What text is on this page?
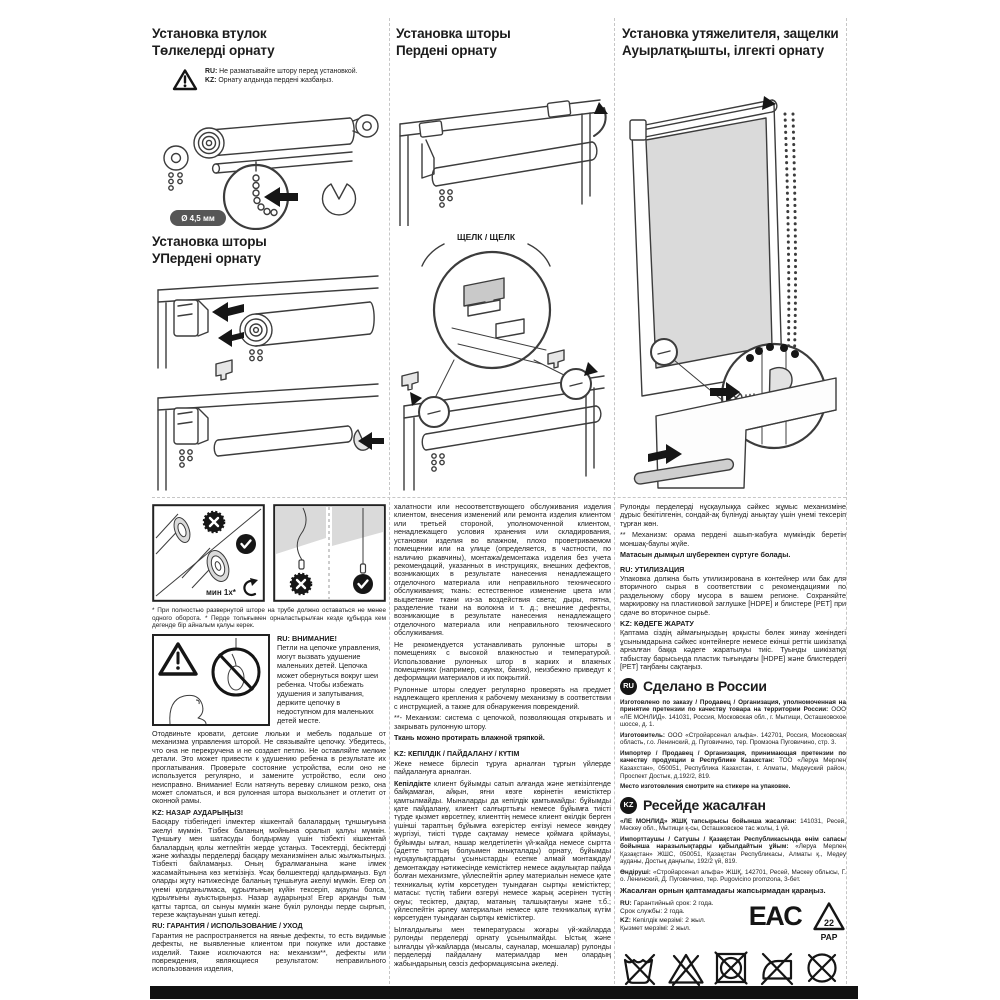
Установка втулок
Төлкелерді орнату
RU: Не разматывайте штору перед установкой.
KZ: Орнату алдында пердені жазбаңыз.
Ø 4,5 мм
Установка шторы
УПердені орнату
Установка шторы
Пердені орнату
ЩЕЛК / ЩЕЛК
Установка утяжелителя, защелки
Ауырлатқышты, ілгекті орнату
мин 1x*
* При полностью развернутой шторе на трубе должно оставаться не менее одного оборота. * Перде толығымен орналастырылған кезде құбырда кем дегенде бір айналым қалуы керек.
RU: ВНИМАНИЕ!
Петли на цепочке управления, могут вызвать удушение маленьких детей. Цепочка может обернуться вокруг шеи ребенка. Чтобы избежать удушения и запутывания, держите цепочку в недоступном для маленьких детей месте.

Отодвиньте кровати, детские люльки и мебель подальше от механизма управления шторой. Не связывайте цепочку. Убедитесь, что она не перекручена и не создает петлю. Не оставляйте мелкие детали. Это может привести к удушению ребенка в результате их проглатывания. Проверьте состояние устройства, если оно не используется регулярно, и замените устройство, если оно неисправно. Внимание! Если натянуть веревку слишком резко, она может сломаться, и вся рулонная штора выскользнет и отлетит от оконной рамы.

KZ: НАЗАР АУДАРЫҢЫЗ!

Басқару тізбегіндегі ілмектер кішкентай балалардың тұншығуына әкелуі мүмкін. Тізбек баланың мойнына оралып қалуы мүмкін. Тұншығу мен шатасуды болдырмау үшін тізбекті кішкентай балалардың қолы жетпейтін жерде ұстаңыз. Төсектерді, бесіктерді және жиһазды перделерді басқару механизмінен алыс жылжытыңыз. Тізбекті байламаңыз. Оның бұралмағанына және ілмек жасамайтынына көз жеткізіңіз. Ұсақ бөлшектерді қалдырмаңыз. Бұл оларды жұту нәтижесінде баланың тұншығуға әкелуі мүмкін. Егер ол үнемі қолданылмаса, құрылғының күйін тексеріп, ақаулы болса, құрылғыны ауыстырыңыз. Назар аударыңыз! Егер арқанды тым қатты тартса, ол сынуы мүмкін және бүкіл рулонды перде сырғып, терезе жақтауынан ұшып кетеді.

RU: ГАРАНТИЯ / ИСПОЛЬЗОВАНИЕ / УХОД

Гарантия не распространяется на явные дефекты, то есть видимые дефекты, не выявленные клиентом при покупке или доставке изделий. Также исключаются на: механизм**, дефекты или повреждения, являющиеся результатом: неправильного использования изделия,

халатности или несоответствующего обслуживания изделия клиентом, внесения изменений или ремонта изделия клиентом или третьей стороной, уполномоченной клиентом, ненадлежащего условия хранения или складирования, установки изделия во влажном, плохо проветриваемом помещении или на улице (определяется, в частности, по наличию ржавчины), монтажа/демонтажа изделия без учета рекомендаций, указанных в инструкциях, внешних дефектов, возникающих в результате нанесения ненадлежащего отделочного материала или неправильного технического обслуживания; ткань: естественное изменение цвета или выцветание ткани из-за воздействия света; дыры, пятна, разделение ткани на волокна и т. д.; внешние дефекты, возникающие в результате нанесения ненадлежащего отделочного материала или неправильного технического обслуживания.

Не рекомендуется устанавливать рулонные шторы в помещениях с высокой влажностью и температурой. Использование рулонных штор в жарких и влажных помещениях (например, саунах, банях), неизбежно приведут к деформации материалов и их покрытий.

Рулонные шторы следует регулярно проверять на предмет надлежащего крепления к рабочему механизму в соответствии с инструкцией, а также для обнаружения повреждений.

**- Механизм: система с цепочкой, позволяющая открывать и закрывать рулонную штору.

Ткань можно протирать влажной тряпкой.

KZ: КЕПІЛДІК / ПАЙДАЛАНУ / КҮТІМ

Жеке немесе бірлесіп тұруға арналған тұрғын үйлерде пайдалануға арналған.

Кепілдікте клиент бұйымды сатып алғанда және жеткізілгенде байқамаған, айқын, яғни көзге көрінетін кемістіктер қамтылмайды. Мыналарды да кепілдік қамтымайды: бұйымды қате пайдалану, клиент салғырттығы немесе бұйымға тиісті түрде қызмет көрсетпеу, клиенттің немесе клиент өкілдік берген үшінші тараптың бұйымға өзгерістер енгізуі немесе жөндеу жүргізуі, тиісті түрде сақтамау немесе қоймаға қоймауы, бұйымды ылғал, нашар желдетілетін үй-жайда немесе сыртта (әдетте тоттың болуымен анықталады) орнату, бұйымды нұсқаулықтардағы ұсыныстарды есепке алмай монтаждау/демонтаждау нәтижесінде кемістіктер немесе ақаулықтар пайда болған механизмге, үйлеспейтін әрлеу материалын немесе қате техникалық күтім көрсетуден туындаған сыртқы кемістіктер; матасы: түстің табиғи өзгеруі немесе жарық әсерінен түстің оңуы; тесіктер, дақтар, матаның талшықтануы және т.б.; үйлеспейтін әрлеу материалын немесе қате техникалық күтім көрсетуден туындаған сыртқы кемістіктер.

Ылғалдылығы мен температурасы жоғары үй-жайларда рулонды перделерді орнату ұсынылмайды. Ыстық және ылғалды үй-жайларда (мысалы, сауналар, моншалар) рулонды перделерді пайдалану материалдар мен олардың жабындарының сөзсіз деформациясына әкеледі.

Рулонды перделерді нұсқаулыққа сәйкес жұмыс механизміне дұрыс бекітілгенін, сондай-ақ бүлінуді анықтау үшін үнемі тексеріп тұрған жөн.

** Механизм: орама пердені ашып-жабуға мүмкіндік беретін моншақ-баулы жүйе.

Матасын дымқыл шүберекпен сүртуге болады.

RU: УТИЛИЗАЦИЯ

Упаковка должна быть утилизирована в контейнер или бак для вторичного сырья в соответствии с рекомендациями по раздельному сбору мусора в вашем регионе. Сохраняйте маркировку на пластиковой заглушке [HDPE] и блистере [PET] при сдаче во вторичное сырьё.

KZ: КӘДЕГЕ ЖАРАТУ

Қаптама сіздің аймағыңыздың қоқысты бөлек жинау жөніндегі ұсынымдарына сәйкес контейнерге немесе екінші реттік шикізатқа арналған баққа кәдеге жаратылуы тиіс. Туынды шикізатқа табыстау барысында пластик тығындағы [HDPE] және блистердегі [PET] таңбаны сақтаңыз.

RU Сделано в России

Изготовлено по заказу / Продавец / Организация, уполномоченная на принятие претензии по качеству товара на территории России: ООО «ЛЕ МОНЛИД». 141031, Россия, Московская обл., г. Мытищи, Осташковское шоссе, д. 1.

Изготовитель: ООО «Стройарсенал альфа». 142701, Россия, Московская область, г.о. Ленинский, д. Пуговичино, тер. Промзона Пуговичино, стр. 3.

Импортер / Продавец / Организация, принимающая претензии по качеству продукции в Республике Казахстан: ТОО «Леруа Мерлен Казахстан», 050051, Республика Казахстан, г. Алматы, Медеуский район, Проспект Достык, д.192/2, 819.

Место изготовления смотрите на стикере на упаковке.

KZ Ресейде жасалған

«ЛЕ МОНЛИД» ЖШҚ тапсырысы бойынша жасалған: 141031, Ресей, Мәскеу обл., Мытищи қ-сы, Осташковское тас жолы, 1 үй.

Импорттаушы / Сатушы / Қазақстан Республикасында өнім сапасы бойынша наразылықтарды қабылдайтын ұйым: «Леруа Мерлен Қазақстан» ЖШС, 050051, Қазақстан Республикасы, Алматы қ., Медеу ауданы, Достық даңғылы, 192/2 үй, 819.

Өндіруші: «Стройарсенал альфа» ЖШҚ, 142701, Ресей, Мәскеу облысы, Г. о. Ленинский, Д. Пуговичино, тер. Pugovicino promzona, 3-бет.

Жасалған орнын қаптамадағы жапсырмадан қараңыз.

RU: Гарантийный срок: 2 года.
Срок службы: 2 года.
KZ: Кепілдік мерзімі: 2 жыл.
Қызмет мерзімі: 2 жыл.	EAC	22
PAP
